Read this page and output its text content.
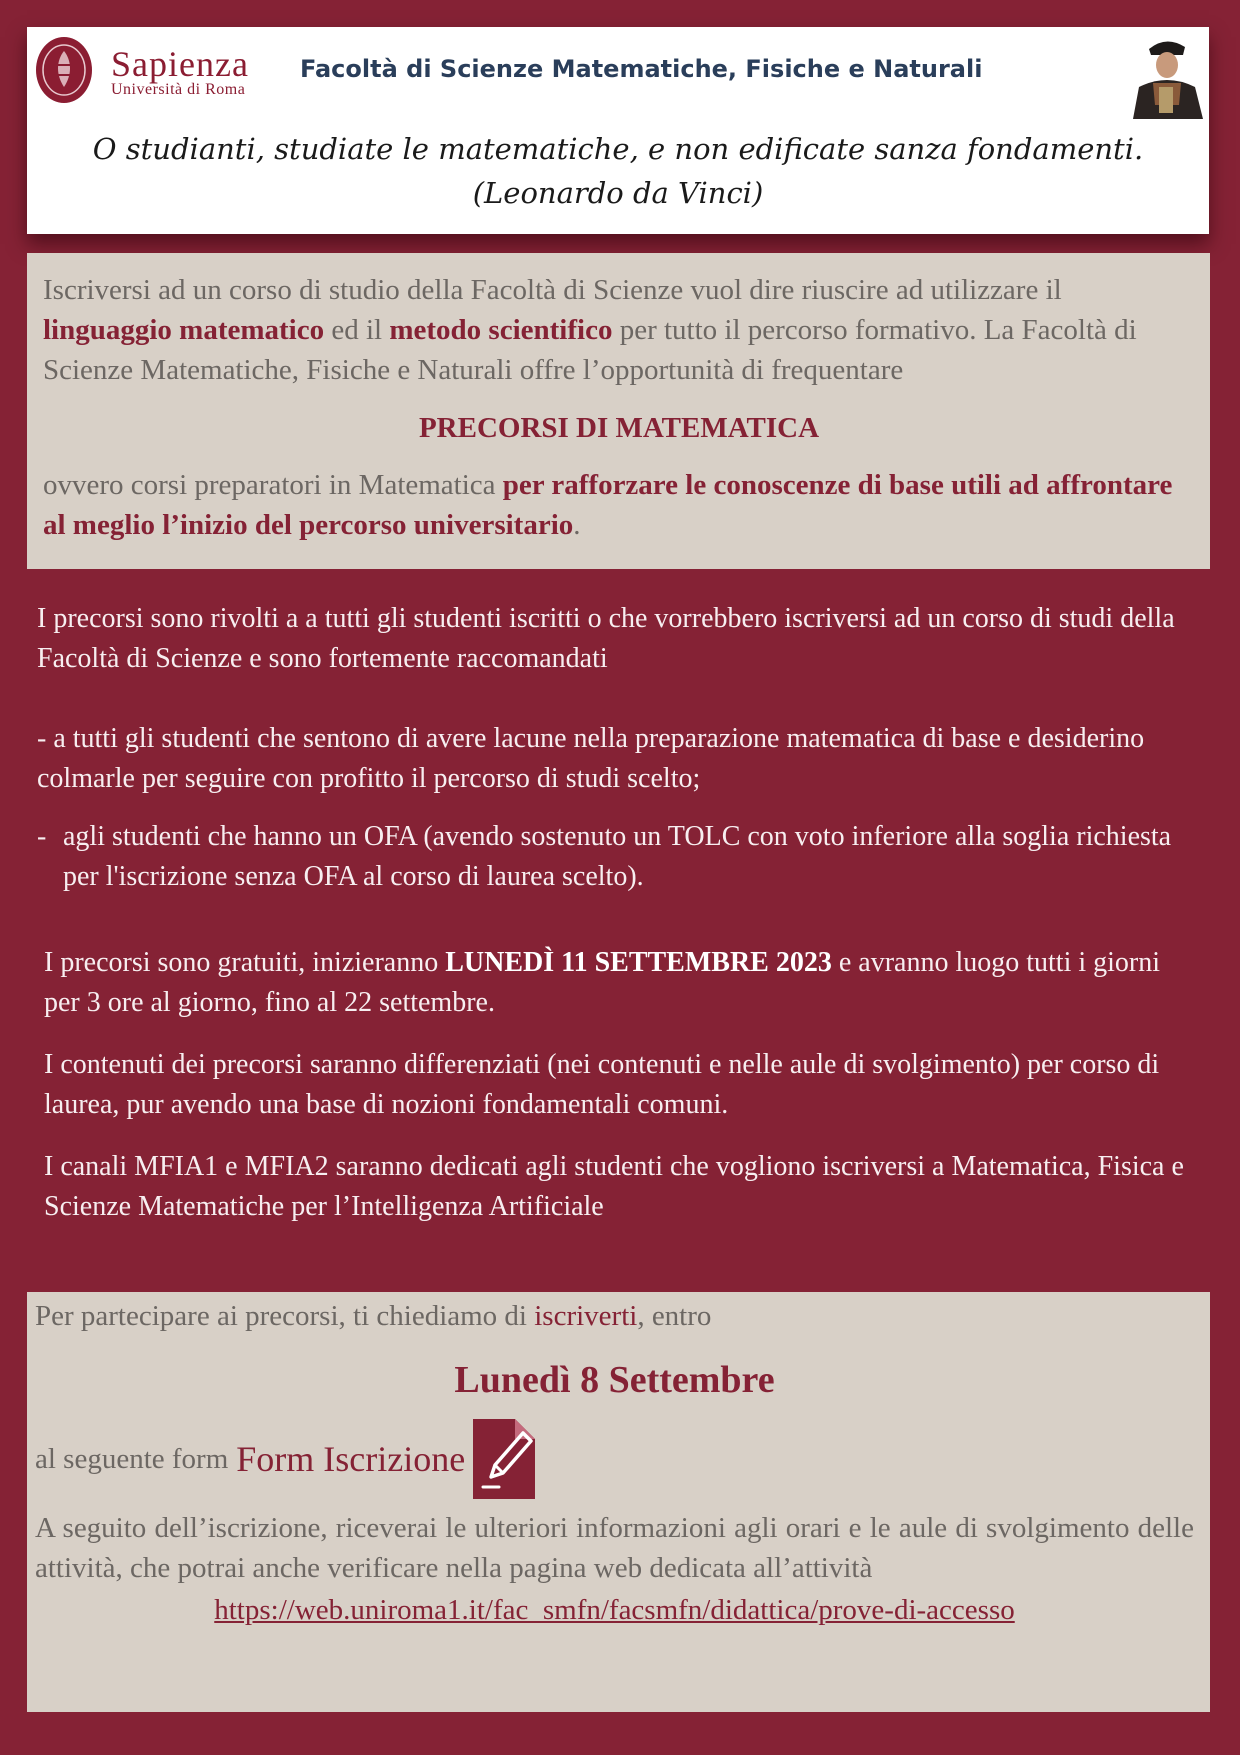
Sapienza
Università di Roma
Facoltà di Scienze Matematiche, Fisiche e Naturali
O studianti, studiate le matematiche, e non edificate sanza fondamenti.
(Leonardo da Vinci)
Iscriversi ad un corso di studio della Facoltà di Scienze vuol dire riuscire ad utilizzare il linguaggio matematico ed il metodo scientifico per tutto il percorso formativo. La Facoltà di Scienze Matematiche, Fisiche e Naturali offre l’opportunità di frequentare
PRECORSI DI MATEMATICA
ovvero corsi preparatori in Matematica per rafforzare le conoscenze di base utili ad affrontare al meglio l’inizio del percorso universitario.

I precorsi sono rivolti a a tutti gli studenti iscritti o che vorrebbero iscriversi ad un corso di studi della Facoltà di Scienze e sono fortemente raccomandati

- a tutti gli studenti che sentono di avere lacune nella preparazione matematica di base e desiderino colmarle per seguire con profitto il percorso di studi scelto;

- agli studenti che hanno un OFA (avendo sostenuto un TOLC con voto inferiore alla soglia richiesta per l'iscrizione senza OFA al corso di laurea scelto).

I precorsi sono gratuiti, inizieranno LUNEDÌ 11 SETTEMBRE 2023 e avranno luogo tutti i giorni per 3 ore al giorno, fino al 22 settembre.

I contenuti dei precorsi saranno differenziati (nei contenuti e nelle aule di svolgimento) per corso di laurea, pur avendo una base di nozioni fondamentali comuni.

I canali MFIA1 e MFIA2 saranno dedicati agli studenti che vogliono iscriversi a Matematica, Fisica e Scienze Matematiche per l’Intelligenza Artificiale

Per partecipare ai precorsi, ti chiediamo di iscriverti, entro

Lunedì 8 Settembre
al seguente form Form Iscrizione

A seguito dell’iscrizione, riceverai le ulteriori informazioni agli orari e le aule di svolgimento delle attività, che potrai anche verificare nella pagina web dedicata all’attività

https://web.uniroma1.it/fac_smfn/facsmfn/didattica/prove-di-accesso
